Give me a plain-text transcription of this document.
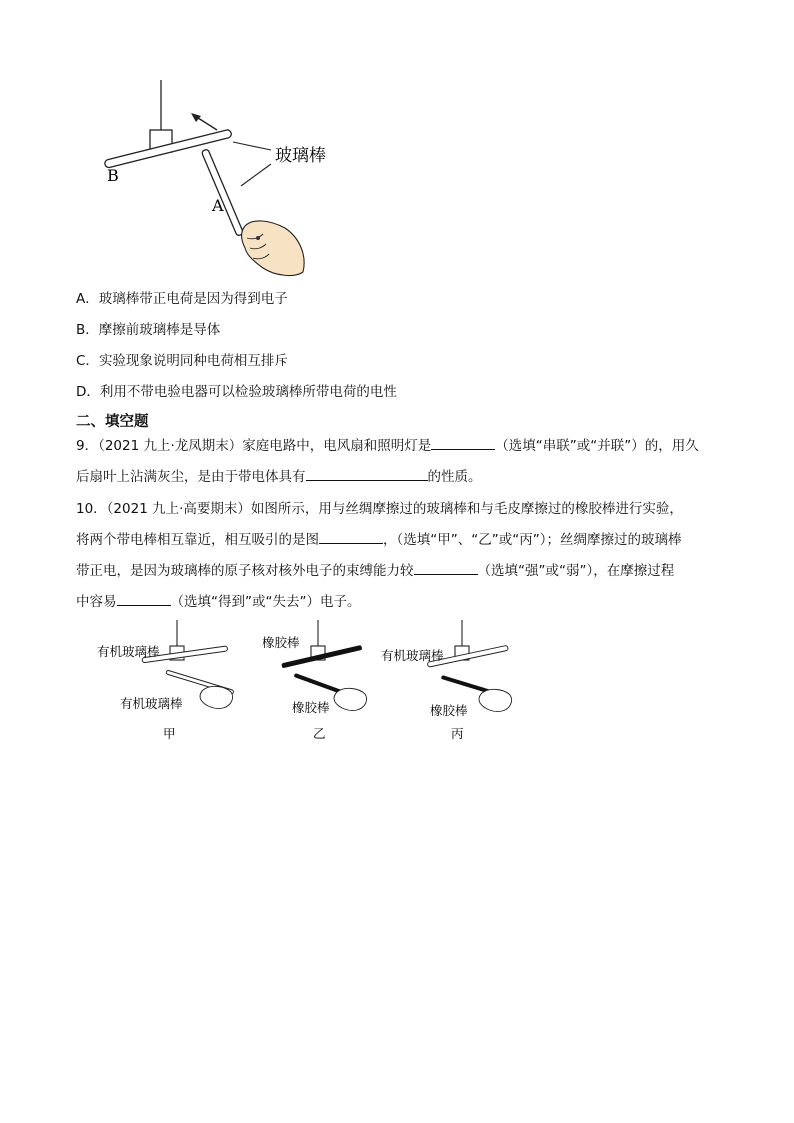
玻璃棒
B
A
A．玻璃棒带正电荷是因为得到电子
B．摩擦前玻璃棒是导体
C．实验现象说明同种电荷相互排斥
D．利用不带电验电器可以检验玻璃棒所带电荷的电性
二、填空题
9．（2021 九上·龙凤期末）家庭电路中，电风扇和照明灯是	（选填“串联”或“并联”）的，用久
后扇叶上沾满灰尘，是由于带电体具有	的性质。
10．（2021 九上·高要期末）如图所示，用与丝绸摩擦过的玻璃棒和与毛皮摩擦过的橡胶棒进行实验，
将两个带电棒相互靠近，相互吸引的是图	，（选填“甲”、“乙”或“丙”）；丝绸摩擦过的玻璃棒
带正电，是因为玻璃棒的原子核对核外电子的束缚能力较	（选填“强”或“弱”），在摩擦过程
中容易	（选填“得到”或“失去”）电子。
有机玻璃棒
有机玻璃棒
甲
橡胶棒
橡胶棒
乙
有机玻璃棒
橡胶棒
丙
